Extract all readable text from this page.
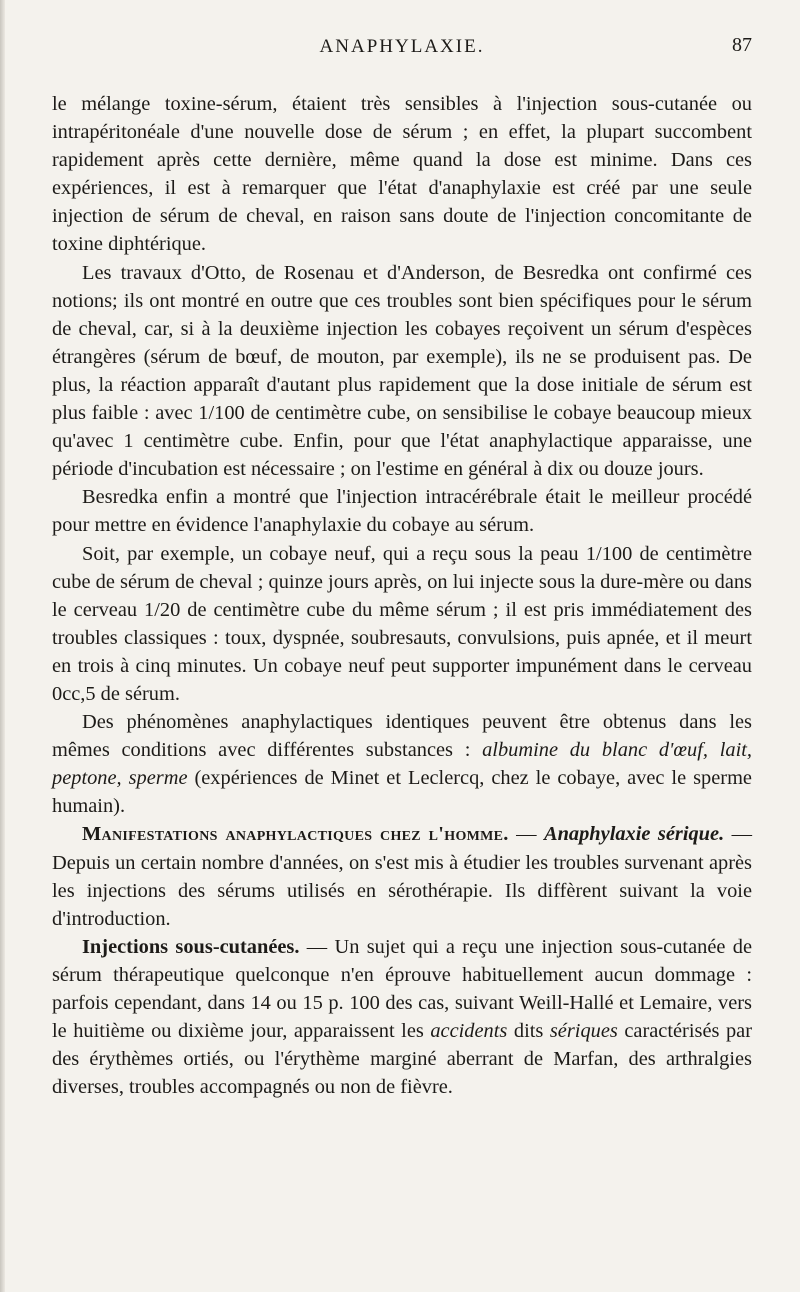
ANAPHYLAXIE.	87

le mélange toxine-sérum, étaient très sensibles à l'injection sous-cutanée ou intrapéritonéale d'une nouvelle dose de sérum ; en effet, la plupart succombent rapidement après cette dernière, même quand la dose est minime. Dans ces expériences, il est à remarquer que l'état d'anaphylaxie est créé par une seule injection de sérum de cheval, en raison sans doute de l'injection concomitante de toxine diphtérique.

Les travaux d'Otto, de Rosenau et d'Anderson, de Besredka ont confirmé ces notions; ils ont montré en outre que ces troubles sont bien spécifiques pour le sérum de cheval, car, si à la deuxième injection les cobayes reçoivent un sérum d'espèces étrangères (sérum de bœuf, de mouton, par exemple), ils ne se produisent pas. De plus, la réaction apparaît d'autant plus rapidement que la dose initiale de sérum est plus faible : avec 1/100 de centimètre cube, on sensibilise le cobaye beaucoup mieux qu'avec 1 centimètre cube. Enfin, pour que l'état anaphylactique apparaisse, une période d'incubation est nécessaire ; on l'estime en général à dix ou douze jours.

Besredka enfin a montré que l'injection intracérébrale était le meilleur procédé pour mettre en évidence l'anaphylaxie du cobaye au sérum.

Soit, par exemple, un cobaye neuf, qui a reçu sous la peau 1/100 de centimètre cube de sérum de cheval ; quinze jours après, on lui injecte sous la dure-mère ou dans le cerveau 1/20 de centimètre cube du même sérum ; il est pris immédiatement des troubles classiques : toux, dyspnée, soubresauts, convulsions, puis apnée, et il meurt en trois à cinq minutes. Un cobaye neuf peut supporter impunément dans le cerveau 0cc,5 de sérum.

Des phénomènes anaphylactiques identiques peuvent être obtenus dans les mêmes conditions avec différentes substances : albumine du blanc d'œuf, lait, peptone, sperme (expériences de Minet et Leclercq, chez le cobaye, avec le sperme humain).

Manifestations anaphylactiques chez l'homme. — Anaphylaxie sérique. — Depuis un certain nombre d'années, on s'est mis à étudier les troubles survenant après les injections des sérums utilisés en sérothérapie. Ils diffèrent suivant la voie d'introduction.

Injections sous-cutanées. — Un sujet qui a reçu une injection sous-cutanée de sérum thérapeutique quelconque n'en éprouve habituellement aucun dommage : parfois cependant, dans 14 ou 15 p. 100 des cas, suivant Weill-Hallé et Lemaire, vers le huitième ou dixième jour, apparaissent les accidents dits sériques caractérisés par des érythèmes ortiés, ou l'érythème marginé aberrant de Marfan, des arthralgies diverses, troubles accompagnés ou non de fièvre.
